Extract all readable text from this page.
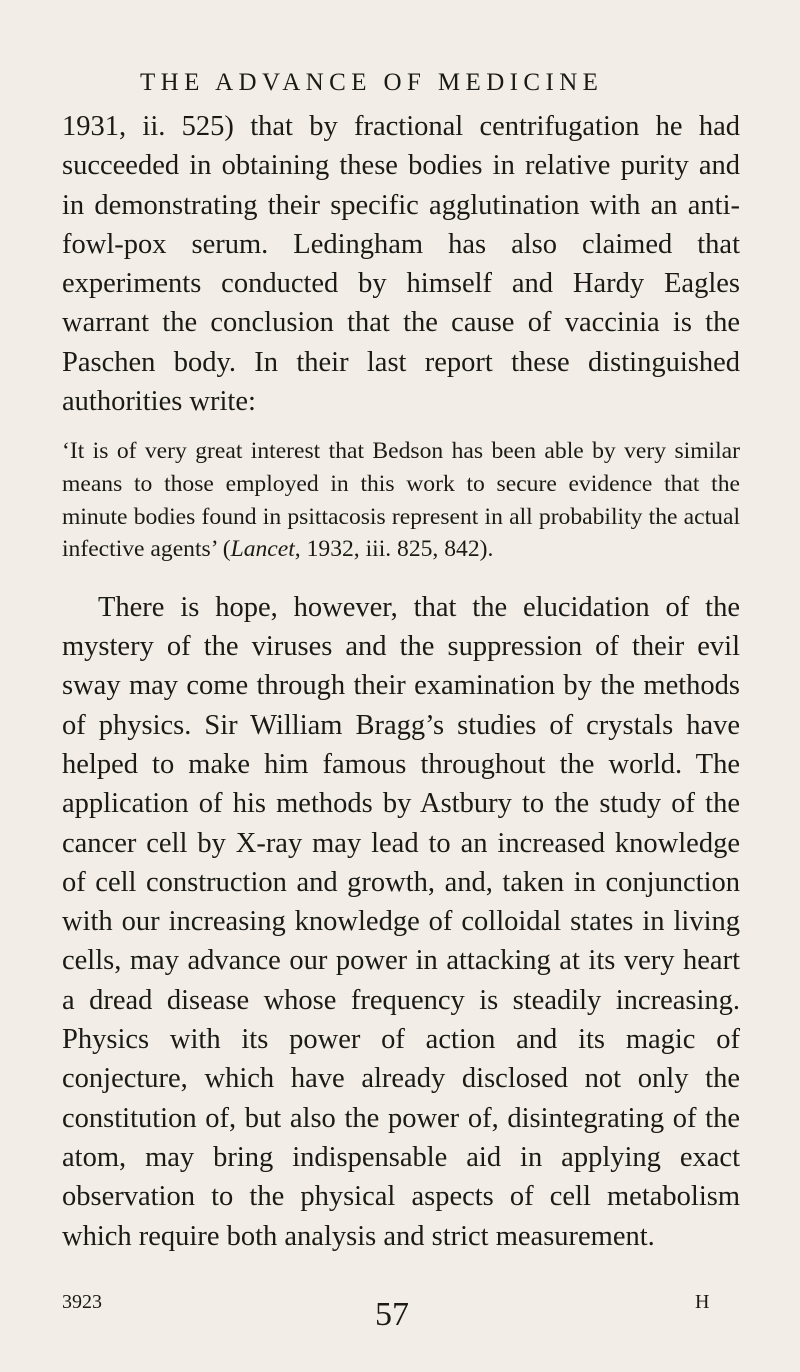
THE ADVANCE OF MEDICINE

1931, ii. 525) that by fractional centrifugation he had succeeded in obtaining these bodies in relative purity and in demonstrating their specific agglutination with an anti-fowl-pox serum. Ledingham has also claimed that experiments conducted by himself and Hardy Eagles warrant the conclusion that the cause of vaccinia is the Paschen body. In their last report these distinguished authorities write:

‘It is of very great interest that Bedson has been able by very similar means to those employed in this work to secure evidence that the minute bodies found in psittacosis represent in all probability the actual infective agents’ (Lancet, 1932, iii. 825, 842).

There is hope, however, that the elucidation of the mystery of the viruses and the suppression of their evil sway may come through their examination by the methods of physics. Sir William Bragg’s studies of crystals have helped to make him famous throughout the world. The application of his methods by Astbury to the study of the cancer cell by X-ray may lead to an increased knowledge of cell construction and growth, and, taken in conjunction with our increasing knowledge of colloidal states in living cells, may advance our power in attacking at its very heart a dread disease whose frequency is steadily increasing. Physics with its power of action and its magic of conjecture, which have already disclosed not only the constitution of, but also the power of, disintegrating of the atom, may bring indispensable aid in applying exact observation to the physical aspects of cell metabolism which require both analysis and strict measurement.

3923	57	H
